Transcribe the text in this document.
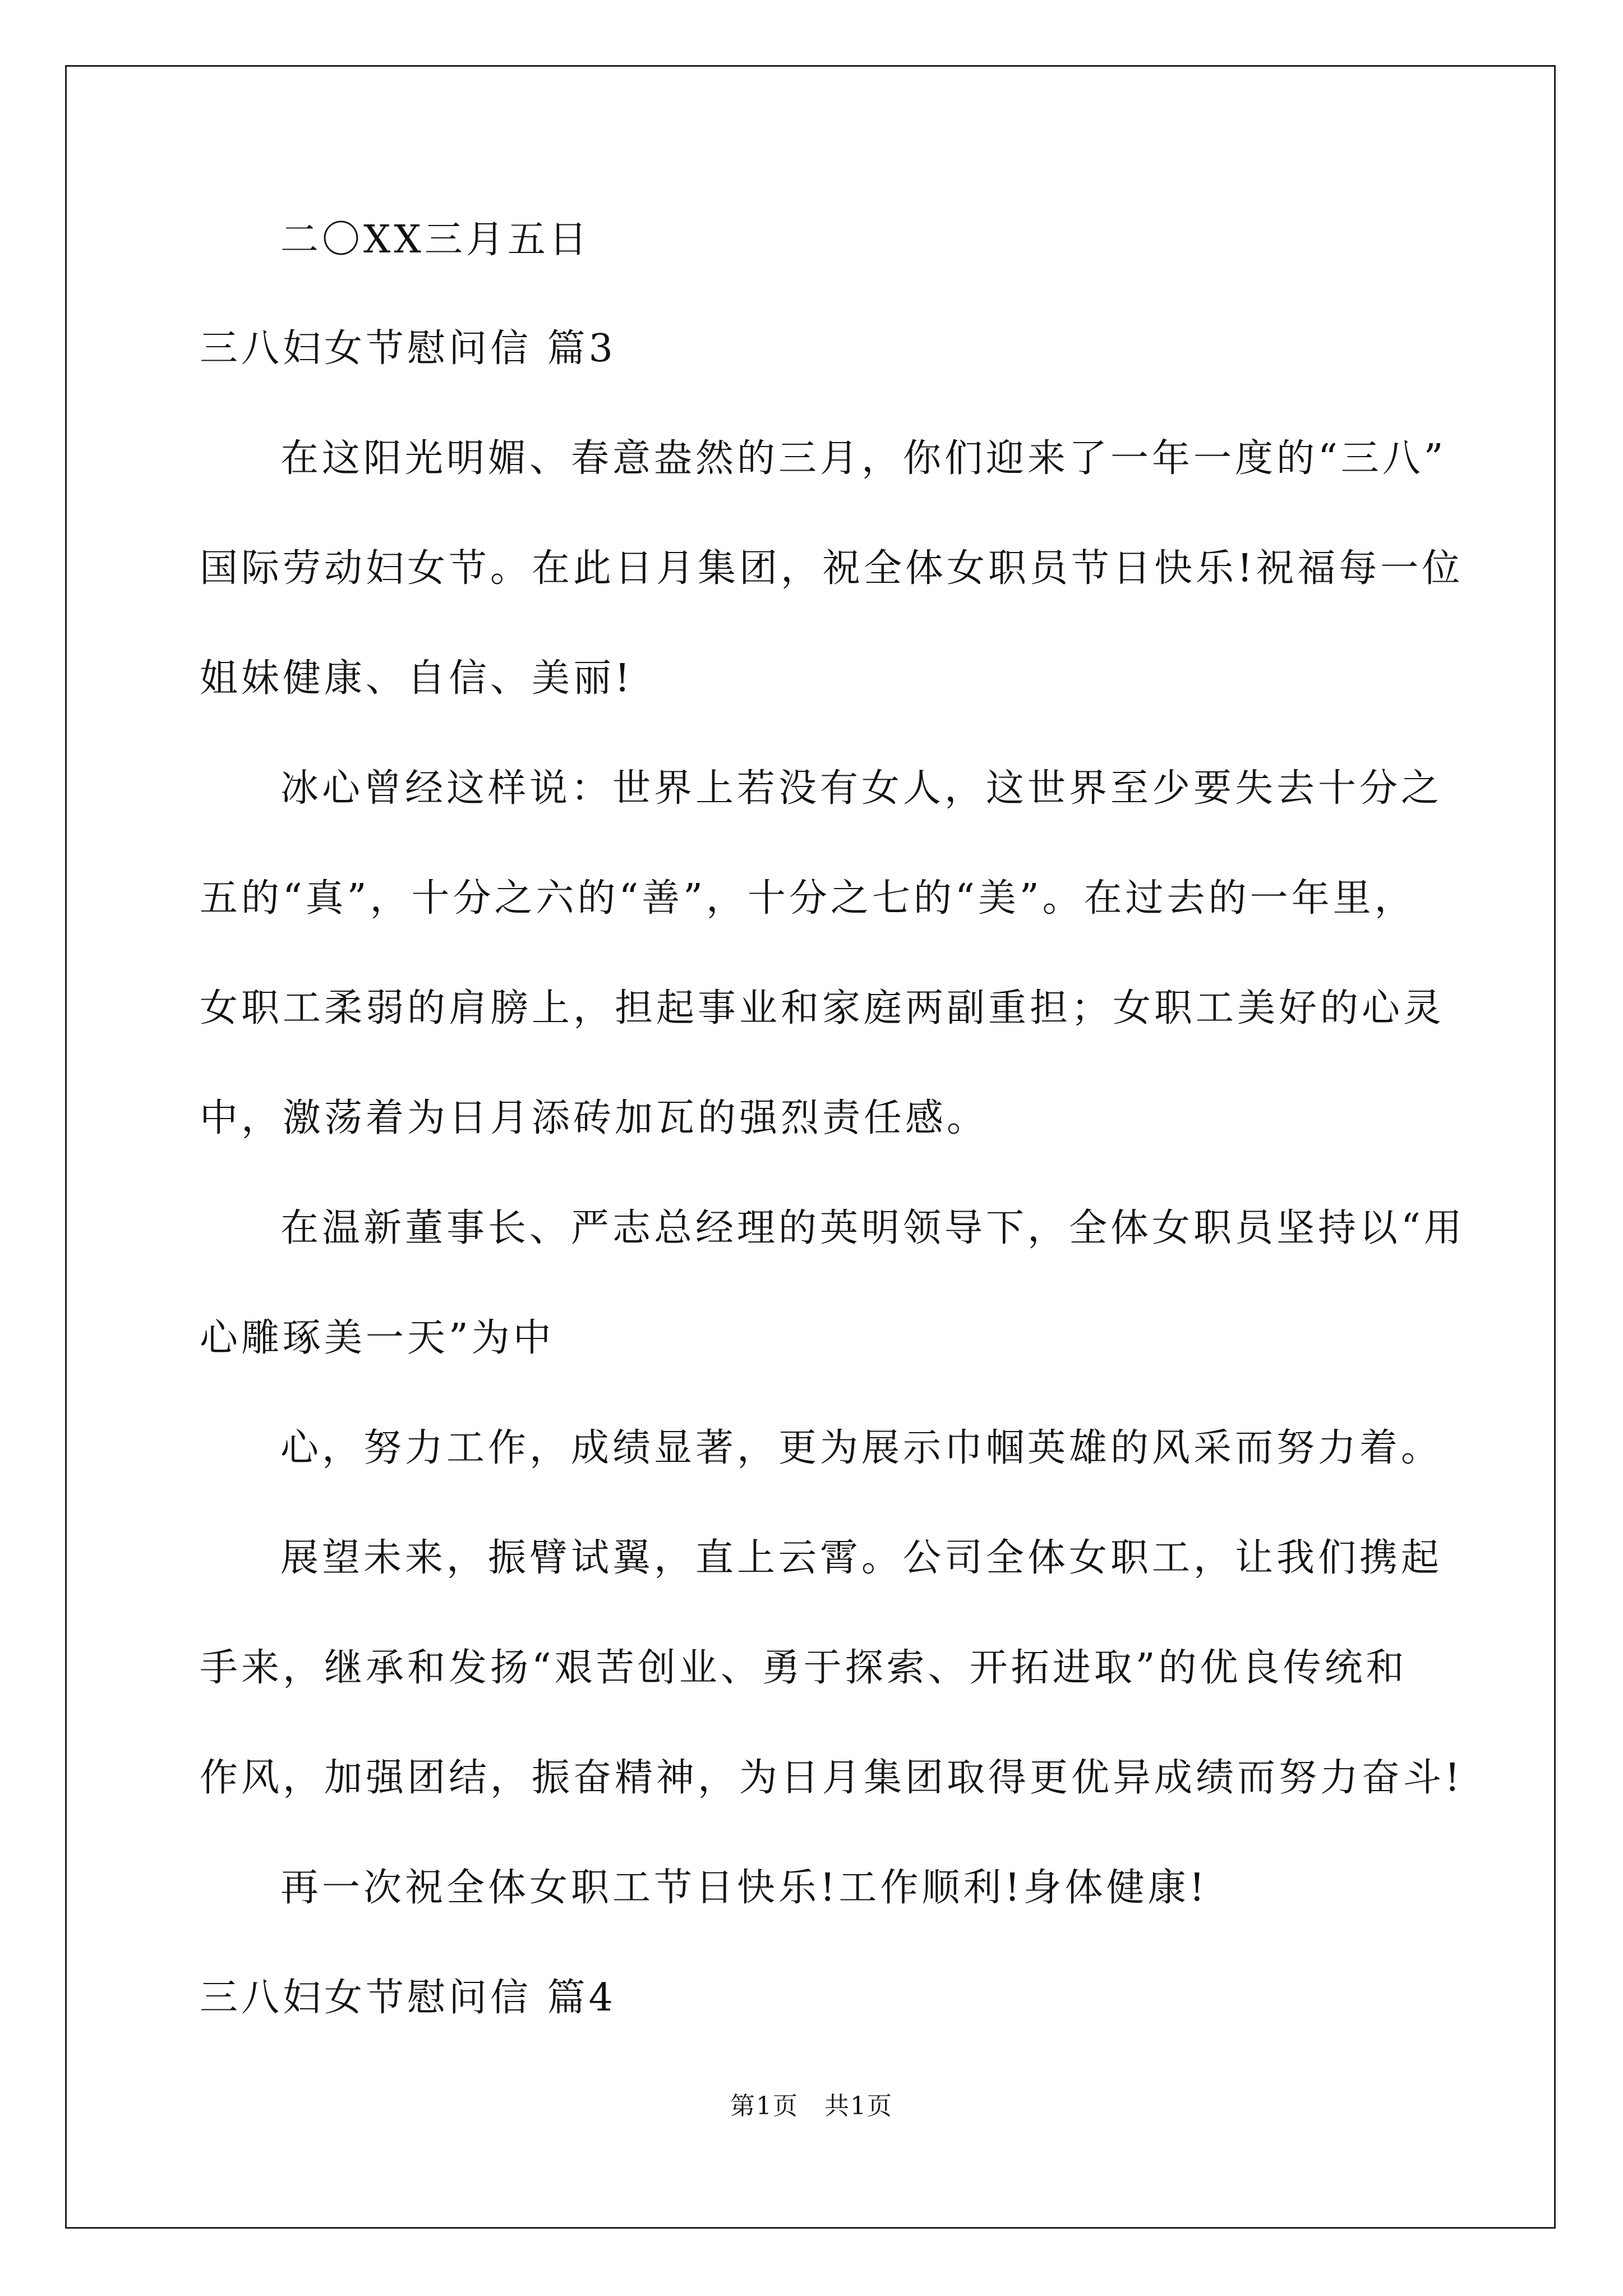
二〇XX三月五日
三八妇女节慰问信 篇3
在这阳光明媚、春意盎然的三月，你们迎来了一年一度的“三八”
国际劳动妇女节。在此日月集团，祝全体女职员节日快乐!祝福每一位
姐妹健康、自信、美丽!
冰心曾经这样说：世界上若没有女人，这世界至少要失去十分之
五的“真”，十分之六的“善”，十分之七的“美”。在过去的一年里，
女职工柔弱的肩膀上，担起事业和家庭两副重担；女职工美好的心灵
中，激荡着为日月添砖加瓦的强烈责任感。
在温新董事长、严志总经理的英明领导下，全体女职员坚持以“用
心雕琢美一天”为中
心，努力工作，成绩显著，更为展示巾帼英雄的风采而努力着。
展望未来，振臂试翼，直上云霄。公司全体女职工，让我们携起
手来，继承和发扬“艰苦创业、勇于探索、开拓进取”的优良传统和
作风，加强团结，振奋精神，为日月集团取得更优异成绩而努力奋斗!
再一次祝全体女职工节日快乐!工作顺利!身体健康!
三八妇女节慰问信 篇4
第1页　共1页
